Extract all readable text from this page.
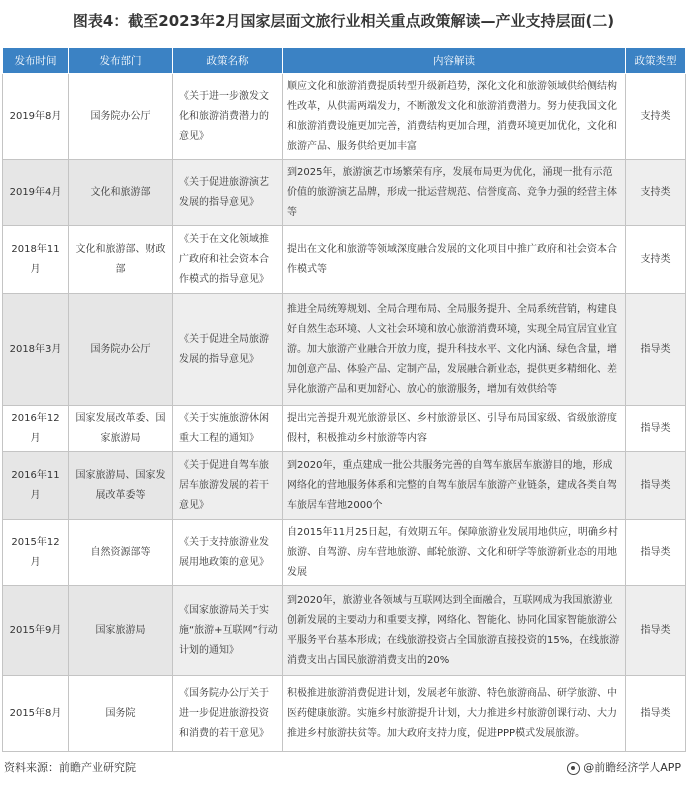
图表4：截至2023年2月国家层面文旅行业相关重点政策解读—产业支持层面(二)
发布时间	发布部门	政策名称	内容解读	政策类型
2019年8月	国务院办公厅	《关于进一步激发文化和旅游消费潜力的意见》	顺应文化和旅游消费提质转型升级新趋势，深化文化和旅游领域供给侧结构性改革，从供需两端发力，不断激发文化和旅游消费潜力。努力使我国文化和旅游消费设施更加完善，消费结构更加合理，消费环境更加优化，文化和旅游产品、服务供给更加丰富	支持类
2019年4月	文化和旅游部	《关于促进旅游演艺发展的指导意见》	到2025年，旅游演艺市场繁荣有序，发展布局更为优化，涌现一批有示范价值的旅游演艺品牌，形成一批运营规范、信誉度高、竞争力强的经营主体等	支持类
2018年11月	文化和旅游部、财政部	《关于在文化领域推广政府和社会资本合作模式的指导意见》	提出在文化和旅游等领域深度融合发展的文化项目中推广政府和社会资本合作模式等	支持类
2018年3月	国务院办公厅	《关于促进全局旅游发展的指导意见》	推进全局统筹规划、全局合理布局、全局服务提升、全局系统营销，构建良好自然生态环境、人文社会环境和放心旅游消费环境，实现全局宜居宜业宜游。加大旅游产业融合开放力度，提升科技水平、文化内涵、绿色含量，增加创意产品、体验产品、定制产品，发展融合新业态，提供更多精细化、差异化旅游产品和更加舒心、放心的旅游服务，增加有效供给等	指导类
2016年12月	国家发展改革委、国家旅游局	《关于实施旅游休闲重大工程的通知》	提出完善提升观光旅游景区、乡村旅游景区、引导布局国家级、省级旅游度假村，积极推动乡村旅游等内容	指导类
2016年11月	国家旅游局、国家发展改革委等	《关于促进自驾车旅居车旅游发展的若干意见》	到2020年，重点建成一批公共服务完善的自驾车旅居车旅游目的地，形成网络化的营地服务体系和完整的自驾车旅居车旅游产业链条，建成各类自驾车旅居车营地2000个	指导类
2015年12月	自然资源部等	《关于支持旅游业发展用地政策的意见》	自2015年11月25日起，有效期五年。保障旅游业发展用地供应，明确乡村旅游、自驾游、房车营地旅游、邮轮旅游、文化和研学等旅游新业态的用地发展	指导类
2015年9月	国家旅游局	《国家旅游局关于实施“旅游+互联网”行动计划的通知》	到2020年，旅游业各领域与互联网达到全面融合，互联网成为我国旅游业创新发展的主要动力和重要支撑，网络化、智能化、协同化国家智能旅游公平服务平台基本形成；在线旅游投资占全国旅游直接投资的15%，在线旅游消费支出占国民旅游消费支出的20%	指导类
2015年8月	国务院	《国务院办公厅关于进一步促进旅游投资和消费的若干意见》	积极推进旅游消费促进计划，发展老年旅游、特色旅游商品、研学旅游、中医药健康旅游。实施乡村旅游提升计划，大力推进乡村旅游创课行动、大力推进乡村旅游扶贫等。加大政府支持力度，促进PPP模式发展旅游。	指导类
资料来源：前瞻产业研究院	@前瞻经济学人APP
